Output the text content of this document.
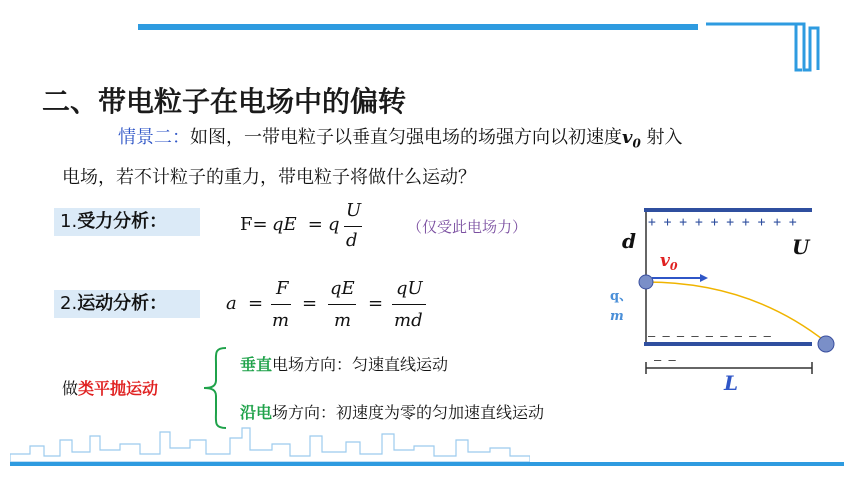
二、带电粒子在电场中的偏转
情景二：如图，一带电粒子以垂直匀强电场的场强方向以初速度$v_0$ 射入
电场，若不计粒子的重力，带电粒子将做什么运动？
1.受力分析：	F= qE = q
U
d
（仅受此电场力）
2.运动分析：	a =
F
m
=
qE
m
=
qU
md
做类平抛运动
垂直电场方向：匀速直线运动
沿电场方向：初速度为零的匀加速直线运动
+ + + + + + + + + +
— — — — — — — — —
— —
d	U
$v_0$
q、
m
L
